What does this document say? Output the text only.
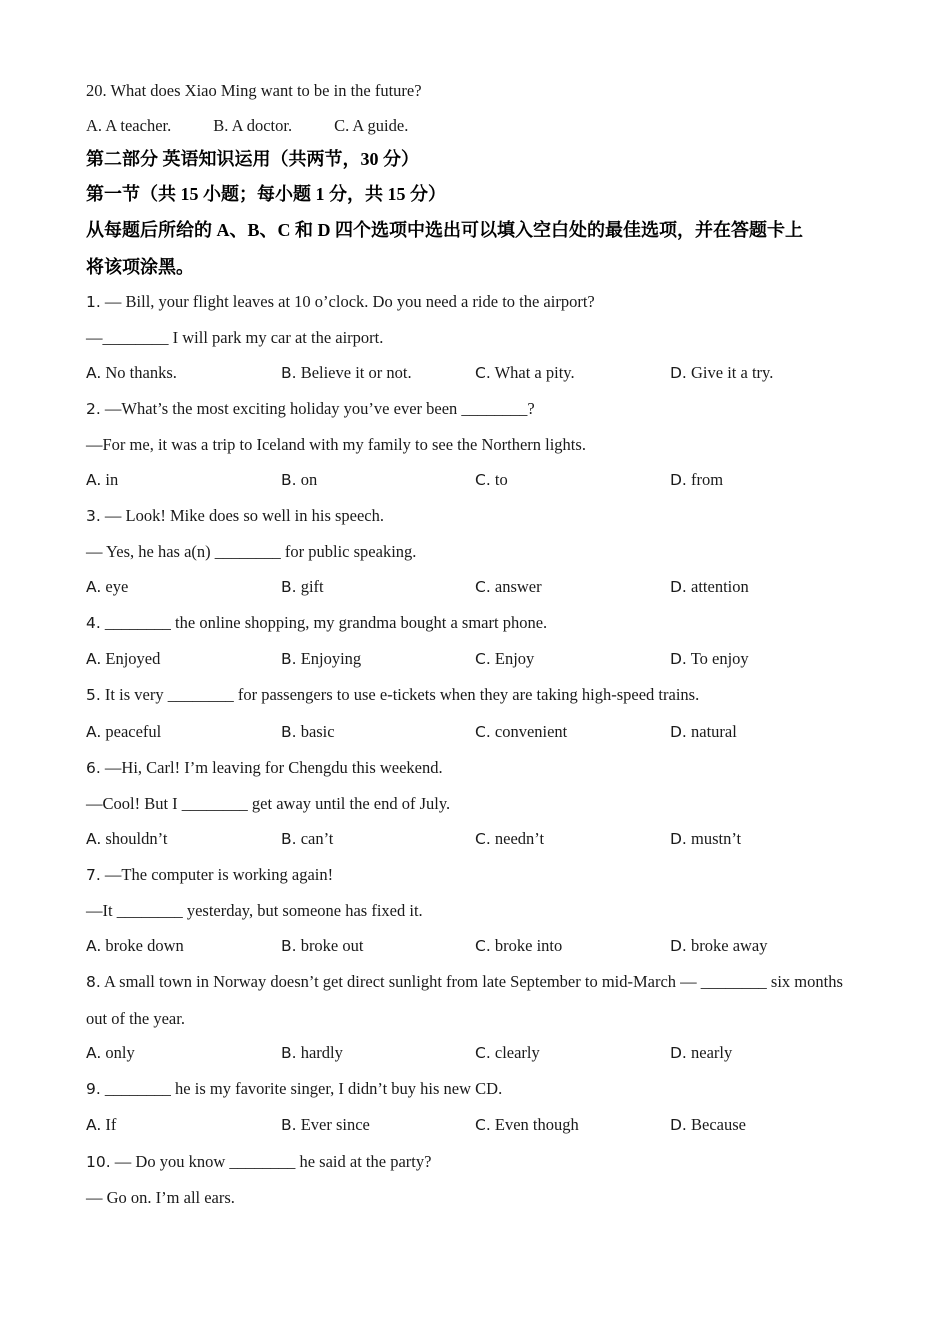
20. What does Xiao Ming want to be in the future?
A. A teacher.	B. A doctor.	C. A guide.
第二部分 英语知识运用（共两节，30 分）
第一节（共 15 小题；每小题 1 分，共 15 分）
从每题后所给的 A、B、C 和 D 四个选项中选出可以填入空白处的最佳选项，并在答题卡上
将该项涂黑。
1. — Bill, your flight leaves at 10 o’clock. Do you need a ride to the airport?
—________ I will park my car at the airport.
A. No thanks.	B. Believe it or not.	C. What a pity.	D. Give it a try.
2. —What’s the most exciting holiday you’ve ever been ________?
—For me, it was a trip to Iceland with my family to see the Northern lights.
A. in	B. on	C. to	D. from
3. — Look! Mike does so well in his speech.
— Yes, he has a(n) ________ for public speaking.
A. eye	B. gift	C. answer	D. attention
4. ________ the online shopping, my grandma bought a smart phone.
A. Enjoyed	B. Enjoying	C. Enjoy	D. To enjoy
5. It is very ________ for passengers to use e-tickets when they are taking high-speed trains.
A. peaceful	B. basic	C. convenient	D. natural
6. —Hi, Carl! I’m leaving for Chengdu this weekend.
—Cool! But I ________ get away until the end of July.
A. shouldn’t	B. can’t	C. needn’t	D. mustn’t
7. —The computer is working again!
—It ________ yesterday, but someone has fixed it.
A. broke down	B. broke out	C. broke into	D. broke away
8. A small town in Norway doesn’t get direct sunlight from late September to mid-March — ________ six months
out of the year.
A. only	B. hardly	C. clearly	D. nearly
9. ________ he is my favorite singer, I didn’t buy his new CD.
A. If	B. Ever since	C. Even though	D. Because
10. — Do you know ________ he said at the party?
— Go on. I’m all ears.
